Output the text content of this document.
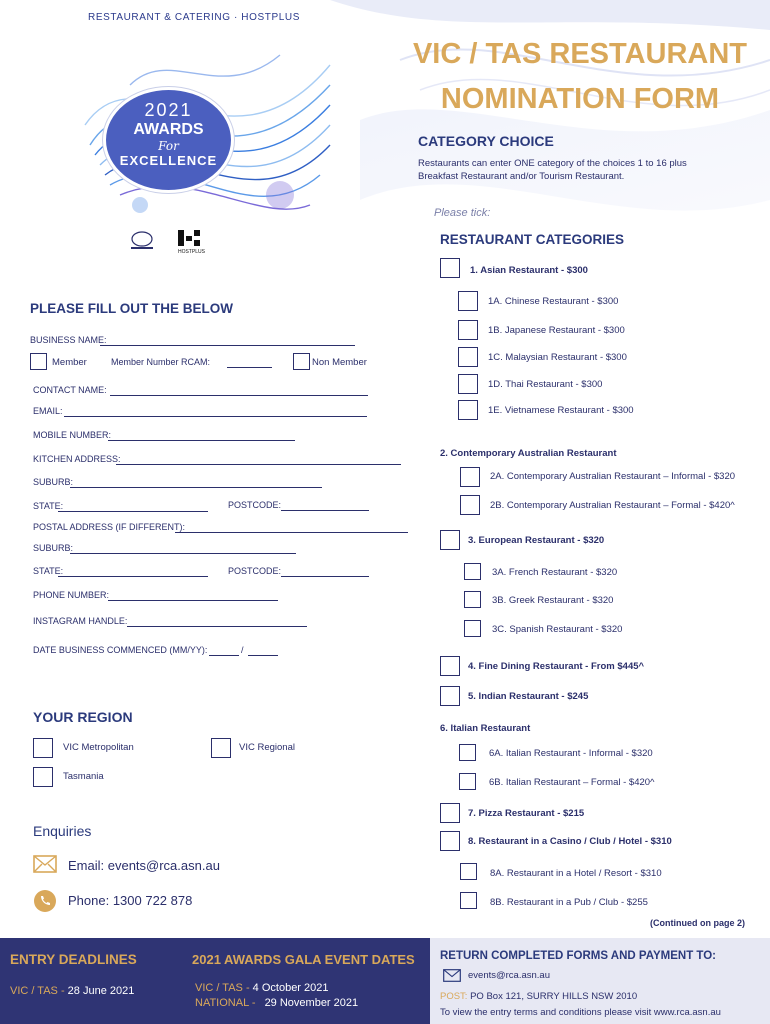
RESTAURANT & CATERING · HOSTPLUS
2021
AWARDS
For
EXCELLENCE
HOSTPLUS
VIC / TAS RESTAURANT
NOMINATION FORM
CATEGORY CHOICE
Restaurants can enter ONE category of the choices 1 to 16 plus
Breakfast Restaurant and/or Tourism Restaurant.
Please tick:
RESTAURANT CATEGORIES
1. Asian Restaurant - $300
1A. Chinese Restaurant - $300
1B. Japanese Restaurant - $300
1C. Malaysian Restaurant - $300
1D. Thai Restaurant - $300
1E. Vietnamese Restaurant - $300
2. Contemporary Australian Restaurant
2A. Contemporary Australian Restaurant – Informal - $320
2B. Contemporary Australian Restaurant – Formal - $420^
3. European Restaurant - $320
3A. French Restaurant - $320
3B. Greek Restaurant - $320
3C. Spanish Restaurant - $320
4. Fine Dining Restaurant - From $445^
5. Indian Restaurant - $245
6. Italian Restaurant
6A. Italian Restaurant - Informal - $320
6B. Italian Restaurant – Formal - $420^
7. Pizza Restaurant - $215
8. Restaurant in a Casino / Club / Hotel - $310
8A. Restaurant in a Hotel / Resort - $310
8B. Restaurant in a Pub / Club - $255
(Continued on page 2)
PLEASE FILL OUT THE BELOW
BUSINESS NAME:
Member	Member Number RCAM:	Non Member
CONTACT NAME:
EMAIL:
MOBILE NUMBER:
KITCHEN ADDRESS:
SUBURB:
STATE:	POSTCODE:
POSTAL ADDRESS (IF DIFFERENT):
SUBURB:
STATE:	POSTCODE:
PHONE NUMBER:
INSTAGRAM HANDLE:
DATE BUSINESS COMMENCED (MM/YY):	/
YOUR REGION
VIC Metropolitan	VIC Regional
Tasmania
Enquiries
Email: events@rca.asn.au
Phone: 1300 722 878
ENTRY DEADLINES
VIC / TAS - 28 June 2021
2021 AWARDS GALA EVENT DATES
VIC / TAS - 4 October 2021
NATIONAL - 29 November 2021
RETURN COMPLETED FORMS AND PAYMENT TO:
events@rca.asn.au
POST: PO Box 121, SURRY HILLS NSW 2010
To view the entry terms and conditions please visit www.rca.asn.au
